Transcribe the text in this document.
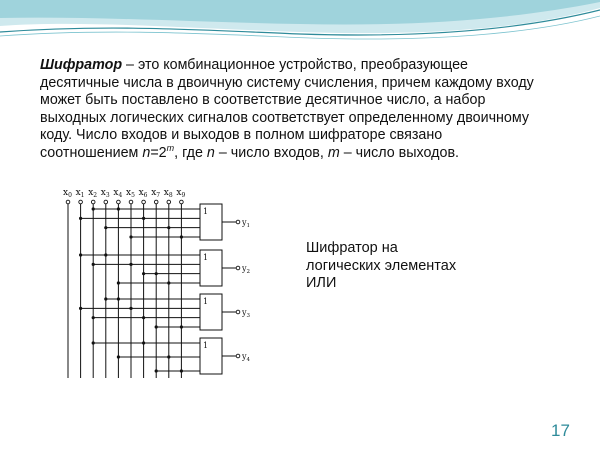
Шифратор – это комбинационное устройство, преобразующее
десятичные числа в двоичную систему счисления, причем каждому входу
может быть поставлено в соответствие десятичное число, а набор
выходных логических сигналов соответствует определенному двоичному
коду. Число входов и выходов в полном шифраторе связано
соотношением $n=2^m$, где n – число входов, m – число выходов.
$x_0$ $x_1$ $x_2$ $x_3$ $x_4$ $x_5$ $x_6$ $x_7$ $x_8$ $x_9$
1
$y_1$
1
$y_2$
1
$y_3$
1
$y_4$
Шифратор на
логических элементах
ИЛИ
17
